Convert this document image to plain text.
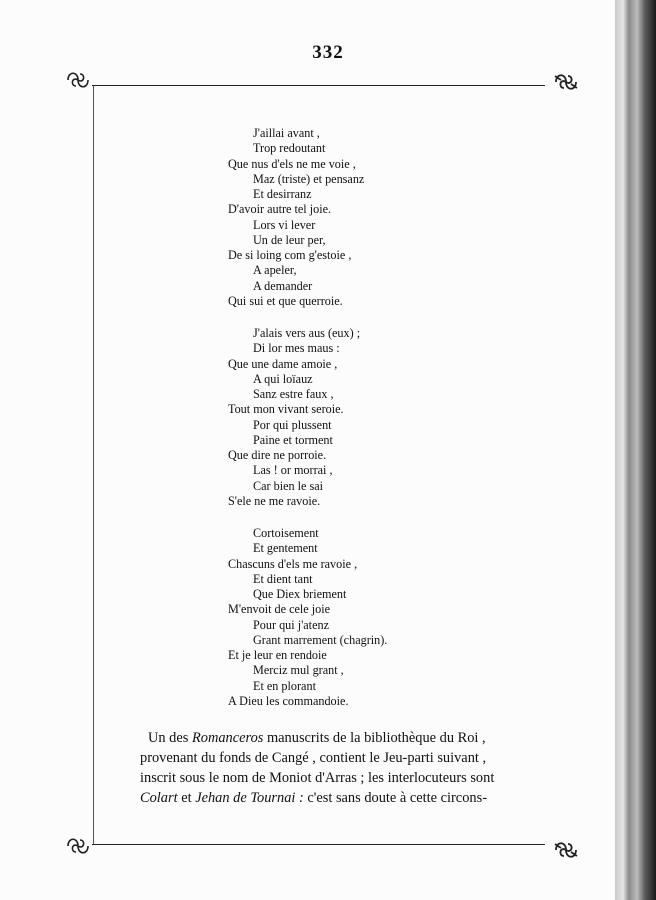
332
J'aillai avant ,
Trop redoutant
Que nus d'els ne me voie ,
Maz (triste) et pensanz
Et desirranz
D'avoir autre tel joie.
Lors vi lever
Un de leur per,
De si loing com g'estoie ,
A apeler,
A demander
Qui sui et que querroie.
J'alais vers aus (eux) ;
Di lor mes maus :
Que une dame amoie ,
A qui loïauz
Sanz estre faux ,
Tout mon vivant seroie.
Por qui plussent
Paine et torment
Que dire ne porroie.
Las ! or morrai ,
Car bien le sai
S'ele ne me ravoie.
Cortoisement
Et gentement
Chascuns d'els me ravoie ,
Et dient tant
Que Diex briement
M'envoit de cele joie
Pour qui j'atenz
Grant marrement (chagrin).
Et je leur en rendoie
Merciz mul grant ,
Et en plorant
A Dieu les commandoie.
Un des Romanceros manuscrits de la bibliothèque du Roi ,
provenant du fonds de Cangé , contient le Jeu-parti suivant ,
inscrit sous le nom de Moniot d'Arras ; les interlocuteurs sont
Colart et Jehan de Tournai : c'est sans doute à cette circons-
